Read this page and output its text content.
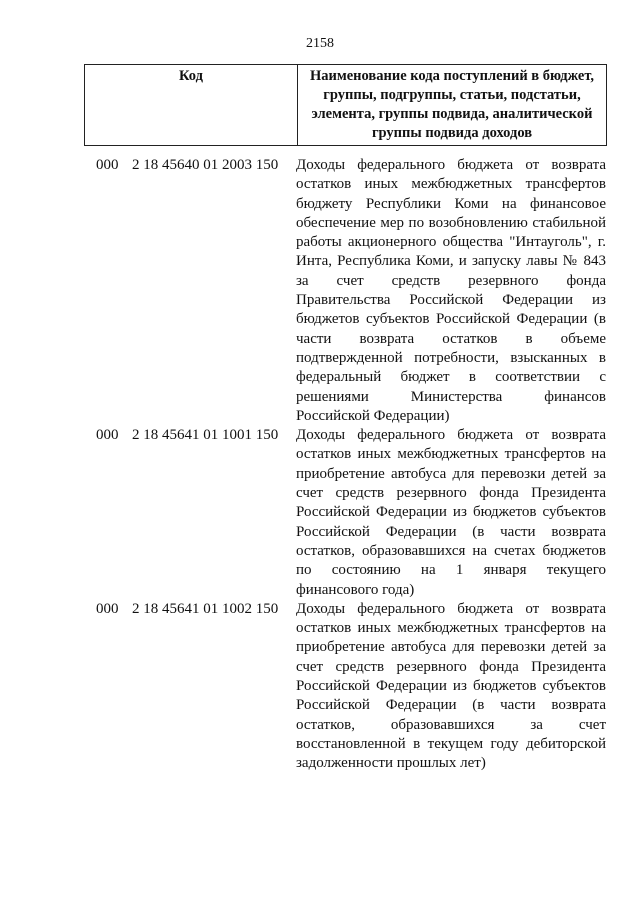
2158
Код	Наименование кода поступлений в бюджет, группы, подгруппы, статьи, подстатьи, элемента, группы подвида, аналитической группы подвида доходов
000 2 18 45640 01 2003 150	Доходы федерального бюджета от возврата остатков иных межбюджетных трансфертов бюджету Республики Коми на финансовое обеспечение мер по возобновлению стабильной работы акционерного общества "Интауголь", г. Инта, Республика Коми, и запуску лавы № 843 за счет средств резервного фонда Правительства Российской Федерации из бюджетов субъектов Российской Федерации (в части возврата остатков в объеме подтвержденной потребности, взысканных в федеральный бюджет в соответствии с решениями Министерства финансов Российской Федерации)
000 2 18 45641 01 1001 150	Доходы федерального бюджета от возврата остатков иных межбюджетных трансфертов на приобретение автобуса для перевозки детей за счет средств резервного фонда Президента Российской Федерации из бюджетов субъектов Российской Федерации (в части возврата остатков, образовавшихся на счетах бюджетов по состоянию на 1 января текущего финансового года)
000 2 18 45641 01 1002 150	Доходы федерального бюджета от возврата остатков иных межбюджетных трансфертов на приобретение автобуса для перевозки детей за счет средств резервного фонда Президента Российской Федерации из бюджетов субъектов Российской Федерации (в части возврата остатков, образовавшихся за счет восстановленной в текущем году дебиторской задолженности прошлых лет)
